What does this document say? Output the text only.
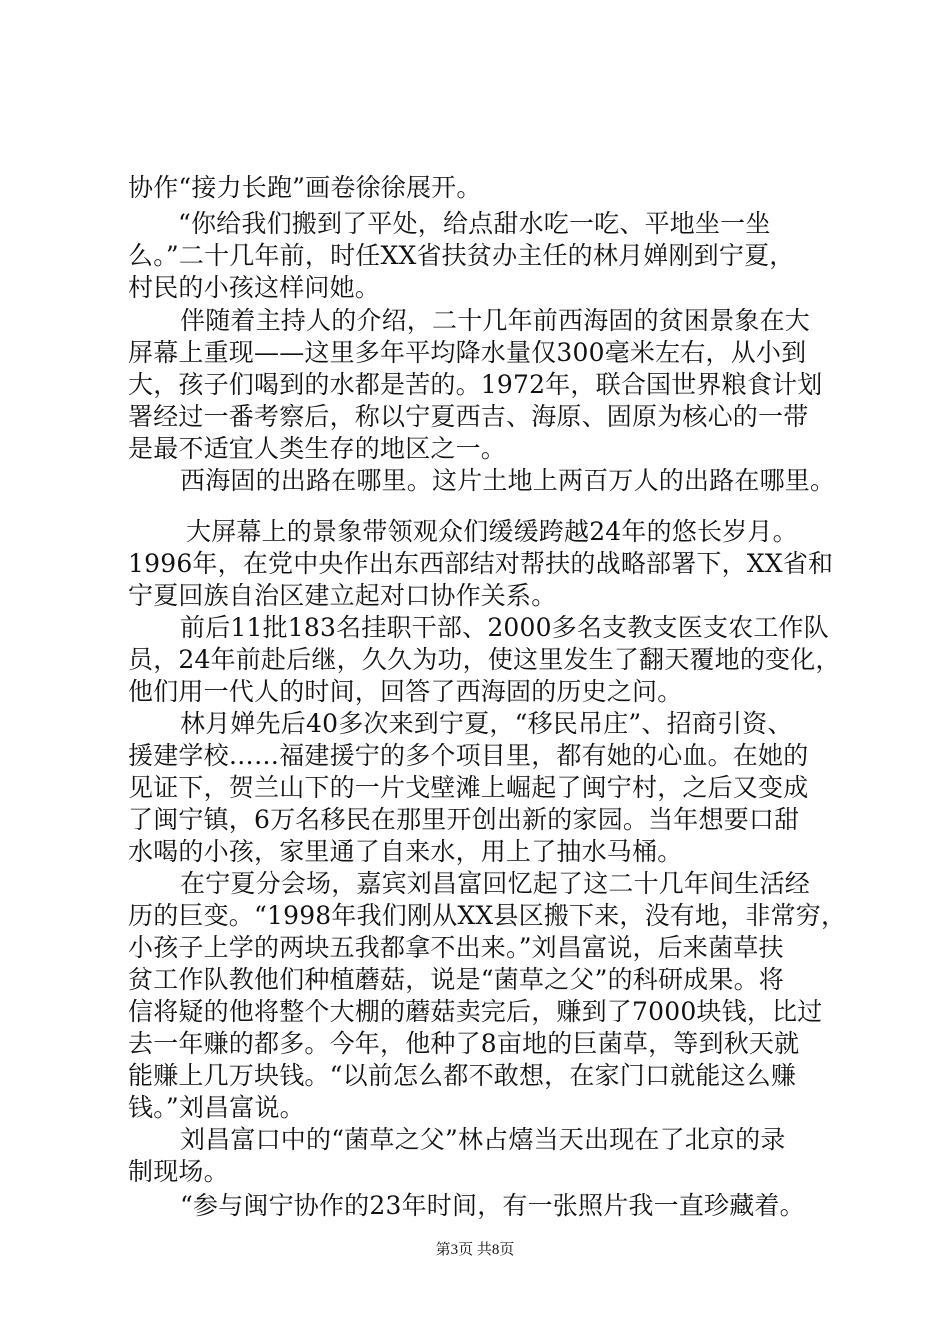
协作“接力长跑”画卷徐徐展开。
“你给我们搬到了平处，给点甜水吃一吃、平地坐一坐
么。”二十几年前，时任XX省扶贫办主任的林月婵刚到宁夏，
村民的小孩这样问她。
伴随着主持人的介绍，二十几年前西海固的贫困景象在大
屏幕上重现——这里多年平均降水量仅300毫米左右，从小到
大，孩子们喝到的水都是苦的。1972年，联合国世界粮食计划
署经过一番考察后，称以宁夏西吉、海原、固原为核心的一带
是最不适宜人类生存的地区之一。
西海固的出路在哪里。这片土地上两百万人的出路在哪里。
大屏幕上的景象带领观众们缓缓跨越24年的悠长岁月。
1996年，在党中央作出东西部结对帮扶的战略部署下，XX省和
宁夏回族自治区建立起对口协作关系。
前后11批183名挂职干部、2000多名支教支医支农工作队
员，24年前赴后继，久久为功，使这里发生了翻天覆地的变化，
他们用一代人的时间，回答了西海固的历史之问。
林月婵先后40多次来到宁夏，“移民吊庄”、招商引资、
援建学校……福建援宁的多个项目里，都有她的心血。在她的
见证下，贺兰山下的一片戈壁滩上崛起了闽宁村，之后又变成
了闽宁镇，6万名移民在那里开创出新的家园。当年想要口甜
水喝的小孩，家里通了自来水，用上了抽水马桶。
在宁夏分会场，嘉宾刘昌富回忆起了这二十几年间生活经
历的巨变。“1998年我们刚从XX县区搬下来，没有地，非常穷，
小孩子上学的两块五我都拿不出来。”刘昌富说，后来菌草扶
贫工作队教他们种植蘑菇，说是“菌草之父”的科研成果。将
信将疑的他将整个大棚的蘑菇卖完后，赚到了7000块钱，比过
去一年赚的都多。今年，他种了8亩地的巨菌草，等到秋天就
能赚上几万块钱。“以前怎么都不敢想，在家门口就能这么赚
钱。”刘昌富说。
刘昌富口中的“菌草之父”林占熺当天出现在了北京的录
制现场。
“参与闽宁协作的23年时间，有一张照片我一直珍藏着。
第3页 共8页
